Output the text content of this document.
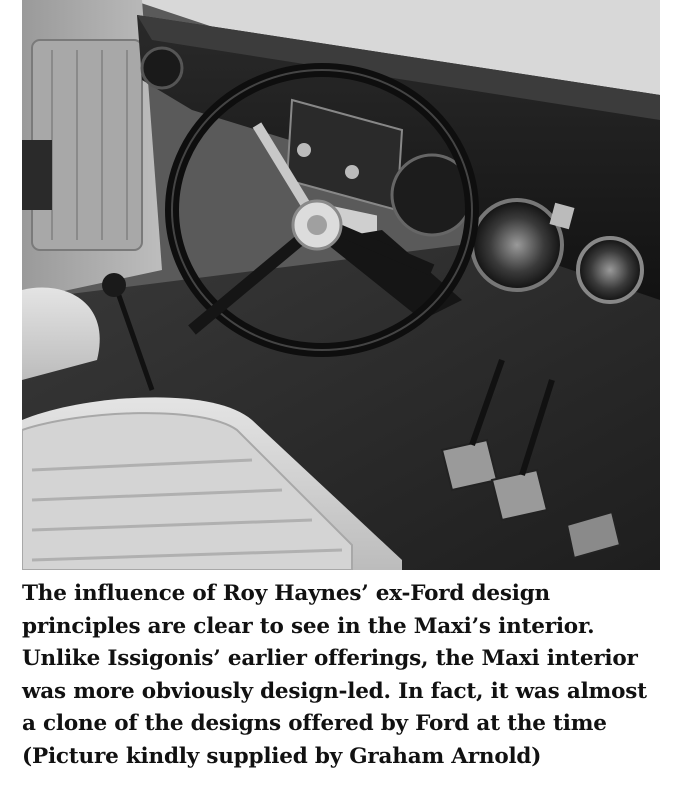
The influence of Roy Haynes’ ex-Ford design principles are clear to see in the Maxi’s interior. Unlike Issigonis’ earlier offerings, the Maxi interior was more obviously design-led. In fact, it was almost a clone of the designs offered by Ford at the time (Picture kindly supplied by Graham Arnold)
